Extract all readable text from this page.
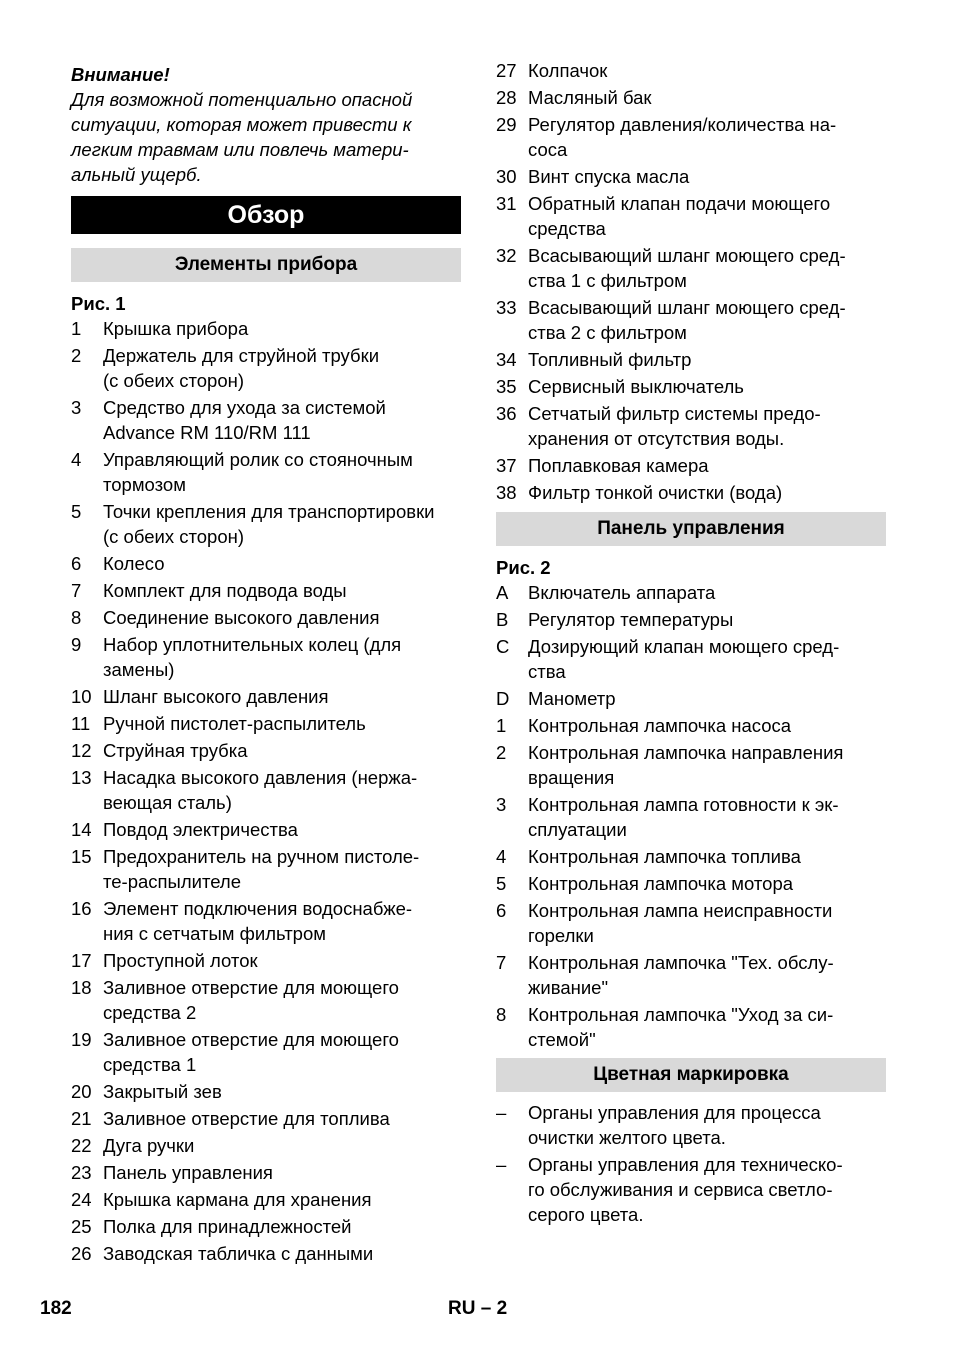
Внимание!
Для возможной потенциально опасной
ситуации, которая может привести к
легким травмам или повлечь матери-
альный ущерб.
Обзор
Элементы прибора
Рис. 1
1	Крышка прибора
2	Держатель для струйной трубки
(с обеих сторон)
3	Средство для ухода за системой
Advance RM 110/RM 111
4	Управляющий ролик со стояночным
тормозом
5	Точки крепления для транспортировки
(с обеих сторон)
6	Колесо
7	Комплект для подвода воды
8	Соединение высокого давления
9	Набор уплотнительных колец (для
замены)
10 Шланг высокого давления
11 Ручной пистолет-распылитель
12 Струйная трубка
13 Насадка высокого давления (нержа-
веющая сталь)
14 Повдод электричества
15 Предохранитель на ручном пистоле-
те-распылителе
16 Элемент подключения водоснабже-
ния с сетчатым фильтром
17 Проступной лоток
18 Заливное отверстие для моющего
средства 2
19 Заливное отверстие для моющего
средства 1
20 Закрытый зев
21 Заливное отверстие для топлива
22 Дуга ручки
23 Панель управления
24 Крышка кармана для хранения
25 Полка для принадлежностей
26 Заводская табличка с данными
27 Колпачок
28 Масляный бак
29 Регулятор давления/количества на-
соса
30 Винт спуска масла
31 Обратный клапан подачи моющего
средства
32 Всасывающий шланг моющего сред-
ства 1 с фильтром
33 Всасывающий шланг моющего сред-
ства 2 с фильтром
34 Топливный фильтр
35 Сервисный выключатель
36 Сетчатый фильтр системы предо-
хранения от отсутствия воды.
37 Поплавковая камера
38 Фильтр тонкой очистки (вода)
Панель управления
Рис. 2
A	Включатель аппарата
B	Регулятор температуры
C	Дозирующий клапан моющего сред-
ства
D	Манометр
1	Контрольная лампочка насоса
2	Контрольная лампочка направления
вращения
3	Контрольная лампа готовности к эк-
сплуатации
4	Контрольная лампочка топлива
5	Контрольная лампочка мотора
6	Контрольная лампа неисправности
горелки
7	Контрольная лампочка "Тех. обслу-
живание"
8	Контрольная лампочка "Уход за си-
стемой"
Цветная маркировка
–	Органы управления для процесса
очистки желтого цвета.
–	Органы управления для техническо-
го обслуживания и сервиса светло-
серого цвета.
182	RU – 2
